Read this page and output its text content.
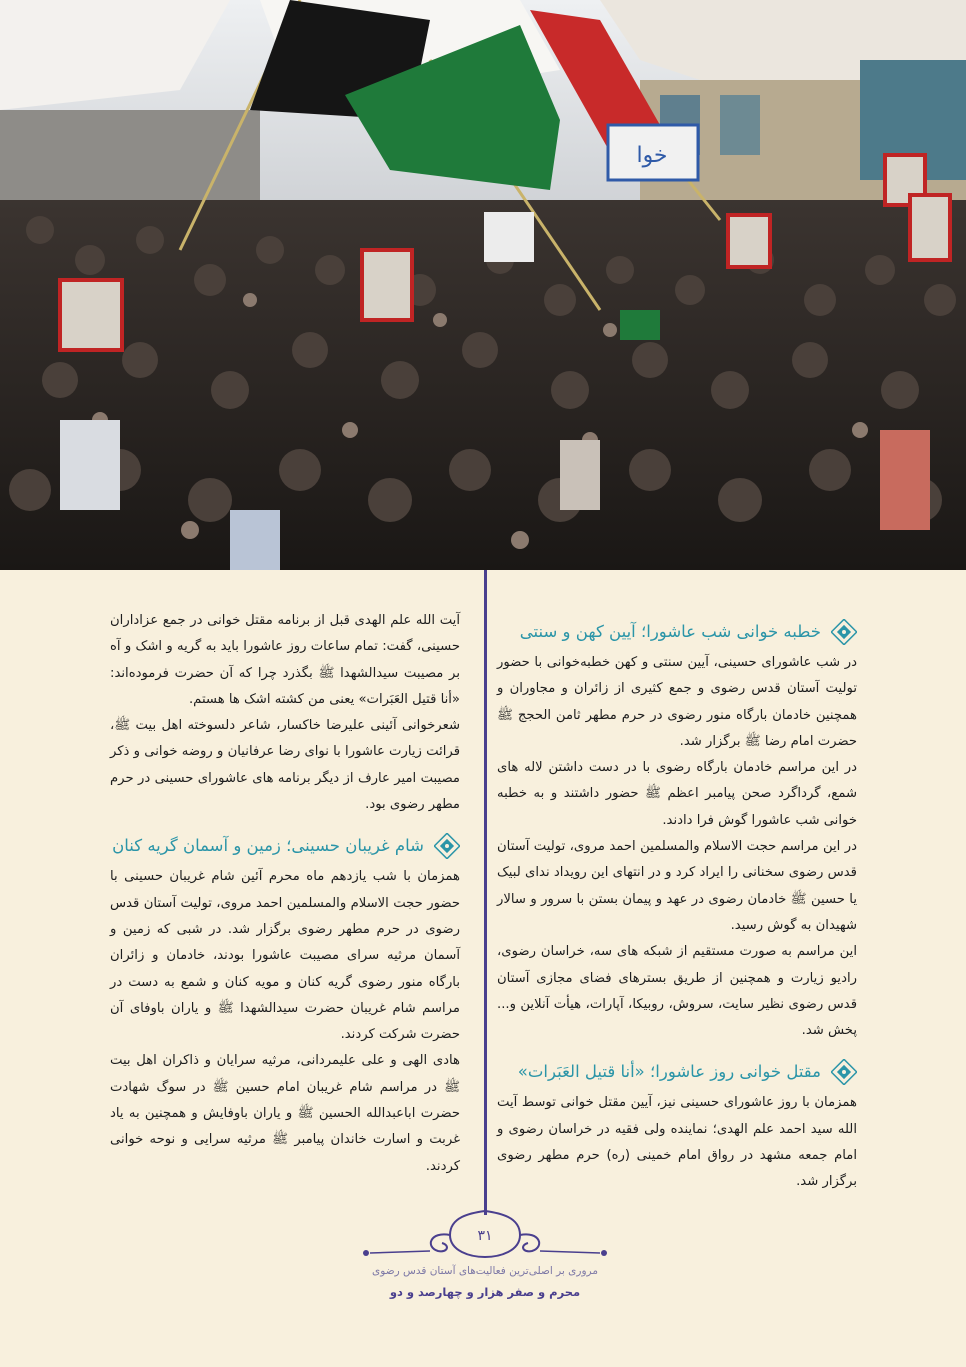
خوا
خطبه خوانی شب عاشورا؛ آیین کهن و سنتی

در شب عاشورای حسینی، آیین سنتی و کهن خطبه‌خوانی با حضور تولیت آستان قدس رضوی و جمع کثیری از زائران و مجاوران و همچنین خادمان بارگاه منور رضوی در حرم مطهر ثامن الحجج ﷺ حضرت امام رضا ﷺ برگزار شد.

در این مراسم خادمان بارگاه رضوی با در دست داشتن لاله های شمع، گرداگرد صحن پیامبر اعظم ﷺ حضور داشتند و به خطبه خوانی شب عاشورا گوش فرا دادند.

در این مراسم حجت الاسلام والمسلمین احمد مروی، تولیت آستان قدس رضوی سخنانی را ایراد کرد و در انتهای این رویداد ندای لبیک یا حسین ﷺ خادمان رضوی در عهد و پیمان بستن با سرور و سالار شهیدان به گوش رسید.

این مراسم به صورت مستقیم از شبکه های سه، خراسان رضوی، رادیو زیارت و همچنین از طریق بسترهای فضای مجازی آستان قدس رضوی نظیر سایت، سروش، روبیکا، آپارات، هیأت آنلاین و... پخش شد.

مقتل خوانی روز عاشورا؛ «أنا قتیل العَبَرات»

همزمان با روز عاشورای حسینی نیز، آیین مقتل خوانی توسط آیت الله سید احمد علم الهدی؛ نماینده ولی فقیه در خراسان رضوی و امام جمعه مشهد در رواق امام خمینی (ره) حرم مطهر رضوی برگزار شد.

آیت الله علم الهدی قبل از برنامه مقتل خوانی در جمع عزاداران حسینی، گفت: تمام ساعات روز عاشورا باید به گریه و اشک و آه بر مصیبت سیدالشهدا ﷺ بگذرد چرا که آن حضرت فرموده‌اند: «أنا قتیل العَبَرات» یعنی من کشته اشک ها هستم.

شعرخوانی آئینی علیرضا خاکسار، شاعر دلسوخته اهل بیت ﷺ، قرائت زیارت عاشورا با نوای رضا عرفانیان و روضه خوانی و ذکر مصیبت امیر عارف از دیگر برنامه های عاشورای حسینی در حرم مطهر رضوی بود.

شام غریبان حسینی؛ زمین و آسمان گریه کنان

همزمان با شب یازدهم ماه محرم آئین شام غریبان حسینی با حضور حجت الاسلام والمسلمین احمد مروی، تولیت آستان قدس رضوی در حرم مطهر رضوی برگزار شد. در شبی که زمین و آسمان مرثیه سرای مصیبت عاشورا بودند، خادمان و زائران بارگاه منور رضوی گریه کنان و مویه کنان و شمع به دست در مراسم شام غریبان حضرت سیدالشهدا ﷺ و یاران باوفای آن حضرت شرکت کردند.

هادی الهی و علی علیمردانی، مرثیه سرایان و ذاکران اهل بیت ﷺ در مراسم شام غریبان امام حسین ﷺ در سوگ شهادت حضرت اباعبدالله الحسین ﷺ و یاران باوفایش و همچنین به یاد غربت و اسارت خاندان پیامبر ﷺ مرثیه سرایی و نوحه خوانی کردند.

۳۱
مروری بر اصلی‌ترین فعالیت‌های آستان قدس رضوی
محرم و صفر هزار و چهارصد و دو
